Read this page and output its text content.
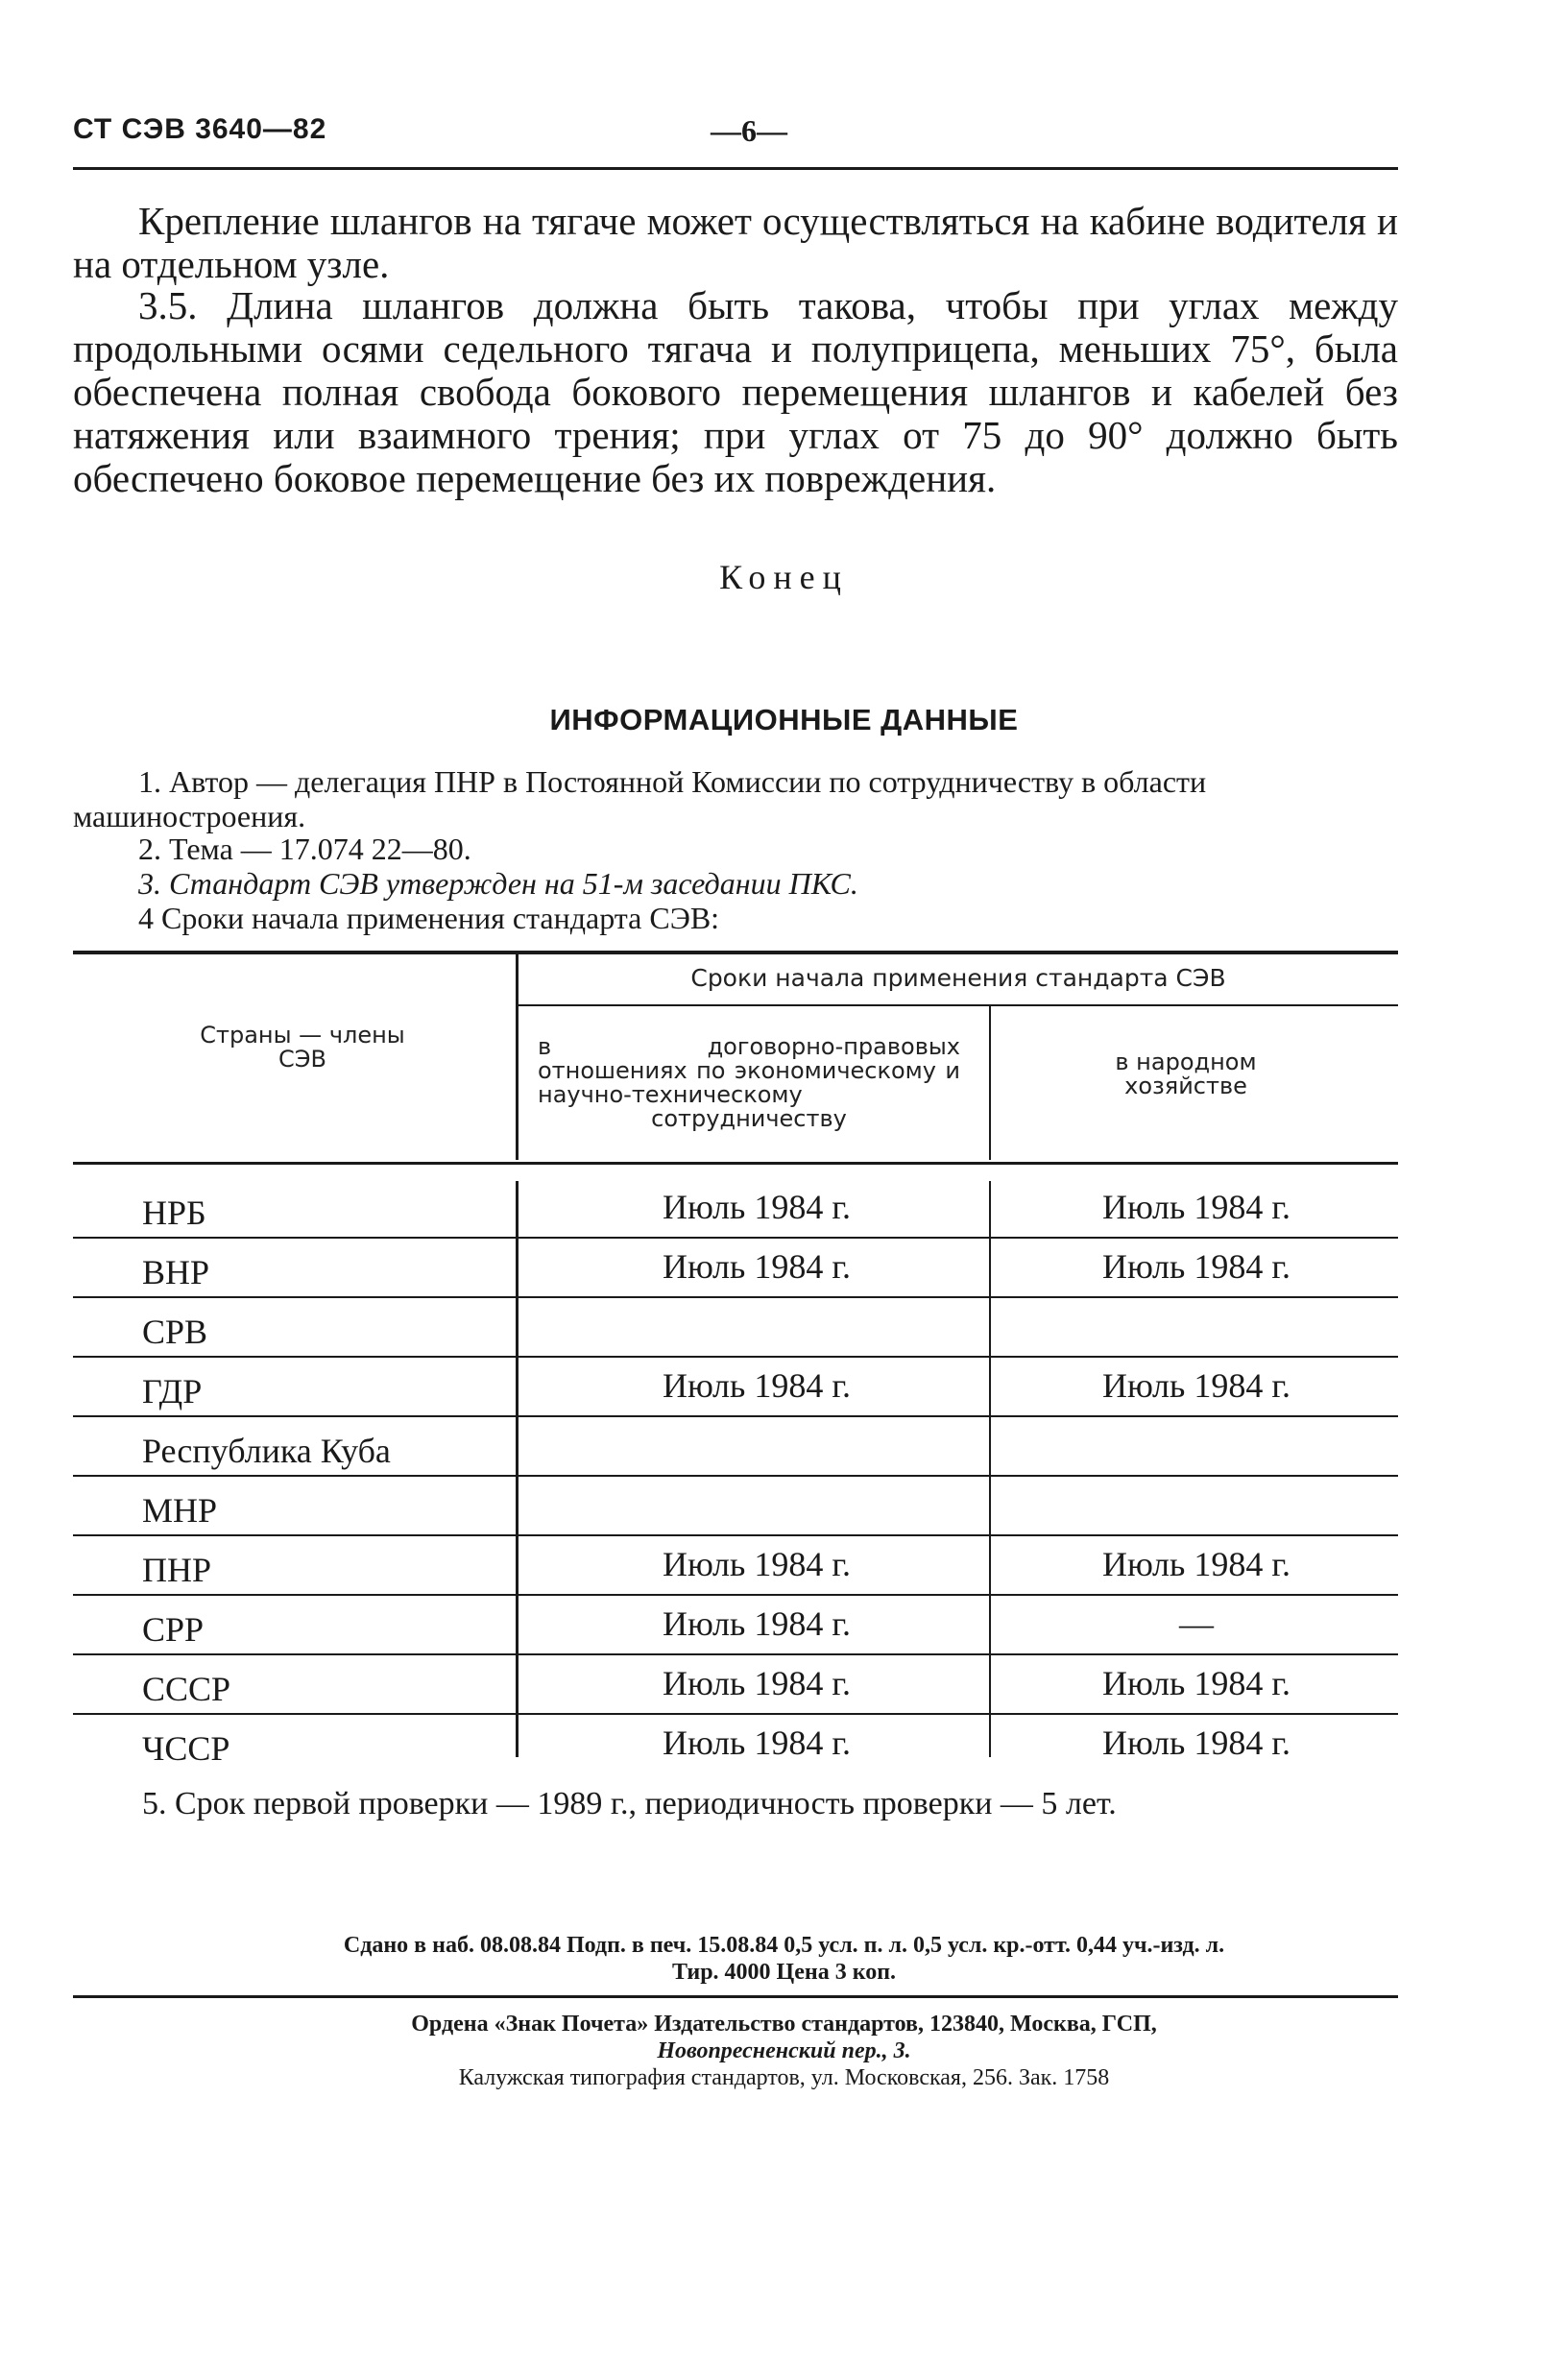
СТ СЭВ 3640—82	—6—
Крепление шлангов на тягаче может осуществляться на кабине водителя и на отдельном узле.
3.5. Длина шлангов должна быть такова, чтобы при углах между продольными осями седельного тягача и полуприцепа, меньших 75°, была обеспечена полная свобода бокового перемещения шлангов и кабелей без натяжения или взаимного трения; при углах от 75 до 90° должно быть обеспечено боковое перемещение без их повреждения.
Конец
ИНФОРМАЦИОННЫЕ ДАННЫЕ
1. Автор — делегация ПНР в Постоянной Комиссии по сотрудничеству в области машиностроения.
2. Тема — 17.074 22—80.
3. Стандарт СЭВ утвержден на 51-м заседании ПКС.
4 Сроки начала применения стандарта СЭВ:
Страны — члены СЭВ
Сроки начала применения стандарта СЭВ
в договорно-правовых отношениях по экономическому и научно-техническому сотрудничеству
в народном хозяйстве
НРБ	Июль 1984 г.	Июль 1984 г.
ВНР	Июль 1984 г.	Июль 1984 г.
СРВ
ГДР	Июль 1984 г.	Июль 1984 г.
Республика Куба
МНР
ПНР	Июль 1984 г.	Июль 1984 г.
СРР	Июль 1984 г.	—
СССР	Июль 1984 г.	Июль 1984 г.
ЧССР	Июль 1984 г.	Июль 1984 г.
5. Срок первой проверки — 1989 г., периодичность проверки — 5 лет.
Сдано в наб. 08.08.84 Подп. в печ. 15.08.84 0,5 усл. п. л. 0,5 усл. кр.-отт. 0,44 уч.-изд. л.
Тир. 4000 Цена 3 коп.
Ордена «Знак Почета» Издательство стандартов, 123840, Москва, ГСП,
Новопресненский пер., 3.
Калужская типография стандартов, ул. Московская, 256. Зак. 1758
